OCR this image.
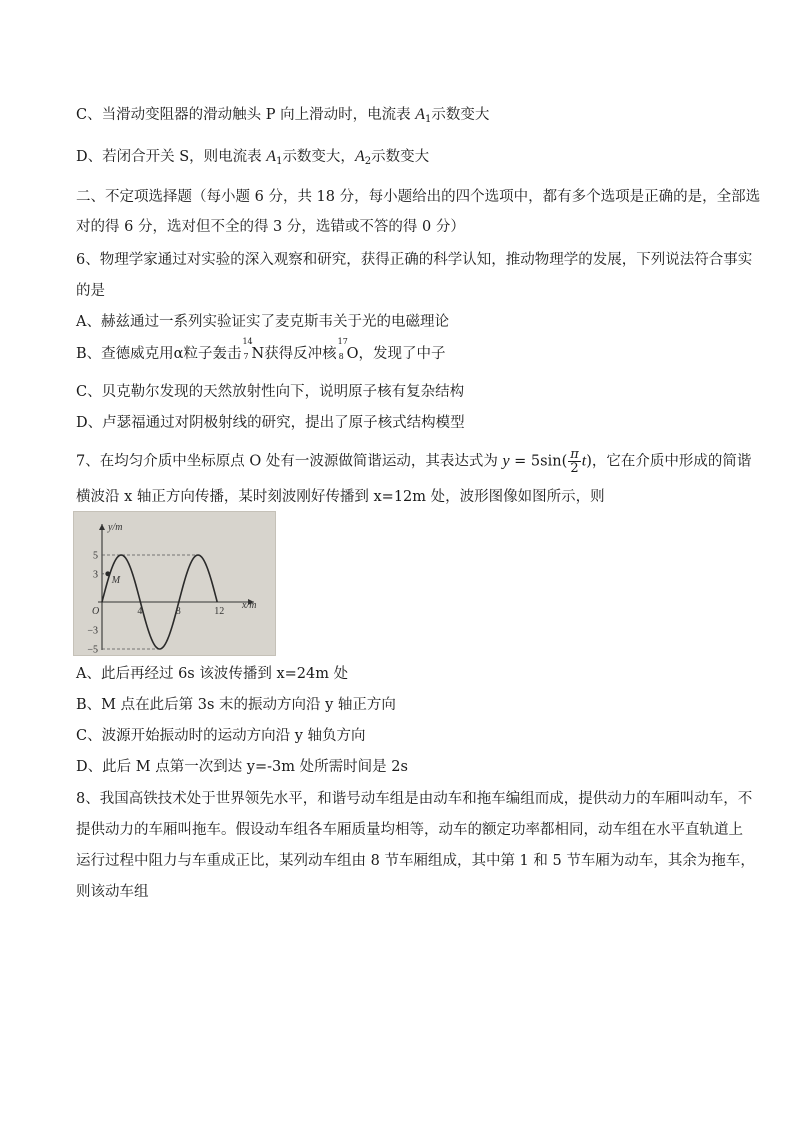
C、当滑动变阻器的滑动触头 P 向上滑动时，电流表 $A_1$示数变大
D、若闭合开关 S，则电流表 $A_1$示数变大，$A_2$示数变大
二、不定项选择题（每小题 6 分，共 18 分，每小题给出的四个选项中，都有多个选项是正确的是，全部选
对的得 6 分，选对但不全的得 3 分，选错或不答的得 0 分）
6、物理学家通过对实验的深入观察和研究，获得正确的科学认知，推动物理学的发展，下列说法符合事实
的是
A、赫兹通过一系列实验证实了麦克斯韦关于光的电磁理论
B、查德威克用α粒子轰击
14
7 N获得反冲核
17
8 O，发现了中子
C、贝克勒尔发现的天然放射性向下，说明原子核有复杂结构
D、卢瑟福通过对阴极射线的研究，提出了原子核式结构模型
7、在均匀介质中坐标原点 O 处有一波源做简谐运动，其表达式为 $y = 5\sin( \frac{\pi}{2} t)$，它在介质中形成的简谐
横波沿 x 轴正方向传播，某时刻波刚好传播到 x=12m 处，波形图像如图所示，则
M
y/m
x/m
O	4	8	12
5
3
−3
−5
A、此后再经过 6s 该波传播到 x=24m 处
B、M 点在此后第 3s 末的振动方向沿 y 轴正方向
C、波源开始振动时的运动方向沿 y 轴负方向
D、此后 M 点第一次到达 y=-3m 处所需时间是 2s
8、我国高铁技术处于世界领先水平，和谐号动车组是由动车和拖车编组而成，提供动力的车厢叫动车，不
提供动力的车厢叫拖车。假设动车组各车厢质量均相等，动车的额定功率都相同，动车组在水平直轨道上
运行过程中阻力与车重成正比，某列动车组由 8 节车厢组成，其中第 1 和 5 节车厢为动车，其余为拖车，
则该动车组
